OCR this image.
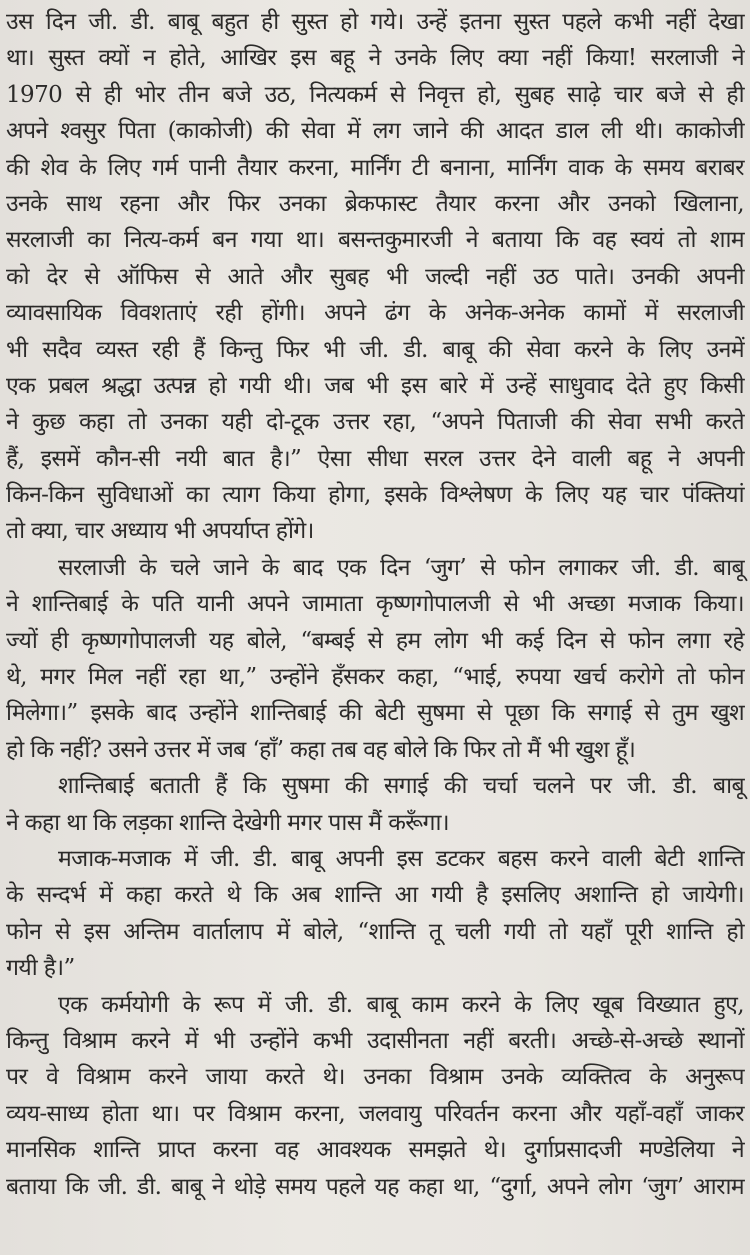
उस दिन जी. डी. बाबू बहुत ही सुस्त हो गये। उन्हें इतना सुस्त पहले कभी नहीं देखा
था। सुस्त क्यों न होते, आखिर इस बहू ने उनके लिए क्या नहीं किया! सरलाजी ने
1970 से ही भोर तीन बजे उठ, नित्यकर्म से निवृत्त हो, सुबह साढ़े चार बजे से ही
अपने श्वसुर पिता (काकोजी) की सेवा में लग जाने की आदत डाल ली थी। काकोजी
की शेव के लिए गर्म पानी तैयार करना, मार्निंग टी बनाना, मार्निंग वाक के समय बराबर
उनके साथ रहना और फिर उनका ब्रेकफास्ट तैयार करना और उनको खिलाना,
सरलाजी का नित्य-कर्म बन गया था। बसन्तकुमारजी ने बताया कि वह स्वयं तो शाम
को देर से ऑफिस से आते और सुबह भी जल्दी नहीं उठ पाते। उनकी अपनी
व्यावसायिक विवशताएं रही होंगी। अपने ढंग के अनेक-अनेक कामों में सरलाजी
भी सदैव व्यस्त रही हैं किन्तु फिर भी जी. डी. बाबू की सेवा करने के लिए उनमें
एक प्रबल श्रद्धा उत्पन्न हो गयी थी। जब भी इस बारे में उन्हें साधुवाद देते हुए किसी
ने कुछ कहा तो उनका यही दो-टूक उत्तर रहा, “अपने पिताजी की सेवा सभी करते
हैं, इसमें कौन-सी नयी बात है।” ऐसा सीधा सरल उत्तर देने वाली बहू ने अपनी
किन-किन सुविधाओं का त्याग किया होगा, इसके विश्लेषण के लिए यह चार पंक्तियां
तो क्या, चार अध्याय भी अपर्याप्त होंगे।
सरलाजी के चले जाने के बाद एक दिन ‘जुग’ से फोन लगाकर जी. डी. बाबू
ने शान्तिबाई के पति यानी अपने जामाता कृष्णगोपालजी से भी अच्छा मजाक किया।
ज्यों ही कृष्णगोपालजी यह बोले, “बम्बई से हम लोग भी कई दिन से फोन लगा रहे
थे, मगर मिल नहीं रहा था,” उन्होंने हँसकर कहा, “भाई, रुपया खर्च करोगे तो फोन
मिलेगा।” इसके बाद उन्होंने शान्तिबाई की बेटी सुषमा से पूछा कि सगाई से तुम खुश
हो कि नहीं? उसने उत्तर में जब ‘हाँ’ कहा तब वह बोले कि फिर तो मैं भी खुश हूँ।
शान्तिबाई बताती हैं कि सुषमा की सगाई की चर्चा चलने पर जी. डी. बाबू
ने कहा था कि लड़का शान्ति देखेगी मगर पास मैं करूँगा।
मजाक-मजाक में जी. डी. बाबू अपनी इस डटकर बहस करने वाली बेटी शान्ति
के सन्दर्भ में कहा करते थे कि अब शान्ति आ गयी है इसलिए अशान्ति हो जायेगी।
फोन से इस अन्तिम वार्तालाप में बोले, “शान्ति तू चली गयी तो यहाँ पूरी शान्ति हो
गयी है।”
एक कर्मयोगी के रूप में जी. डी. बाबू काम करने के लिए खूब विख्यात हुए,
किन्तु विश्राम करने में भी उन्होंने कभी उदासीनता नहीं बरती। अच्छे-से-अच्छे स्थानों
पर वे विश्राम करने जाया करते थे। उनका विश्राम उनके व्यक्तित्व के अनुरूप
व्यय-साध्य होता था। पर विश्राम करना, जलवायु परिवर्तन करना और यहाँ-वहाँ जाकर
मानसिक शान्ति प्राप्त करना वह आवश्यक समझते थे। दुर्गाप्रसादजी मण्डेलिया ने
बताया कि जी. डी. बाबू ने थोड़े समय पहले यह कहा था, “दुर्गा, अपने लोग ‘जुग’ आराम
